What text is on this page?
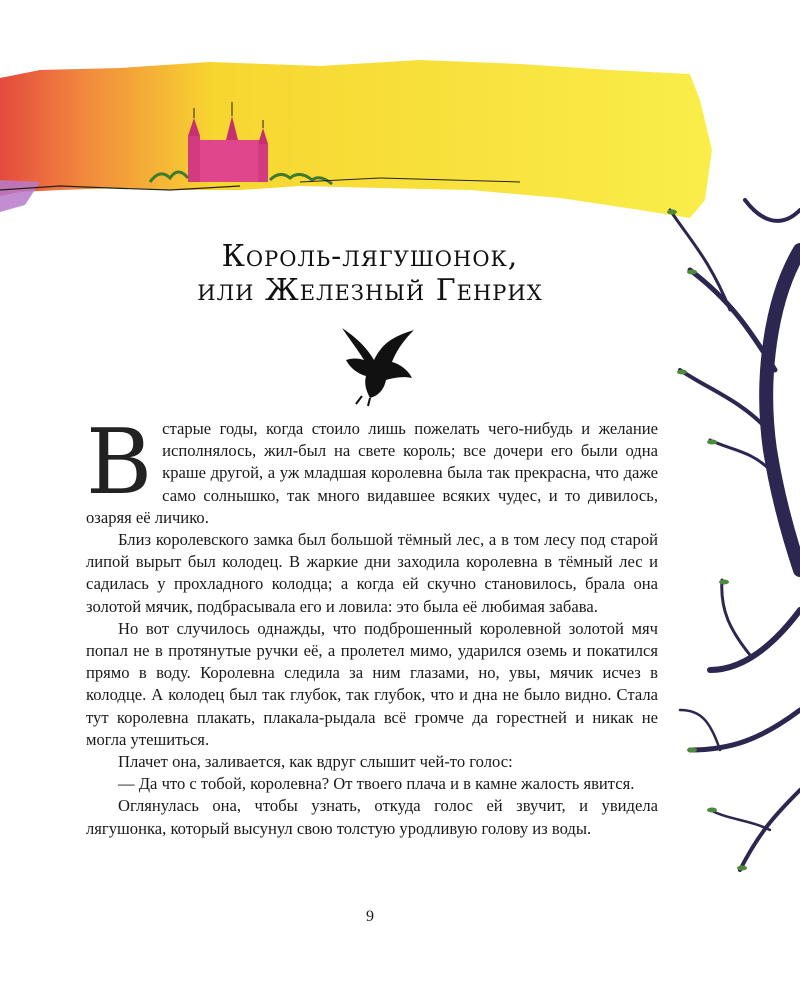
Король-лягушонок,
или Железный Генрих

В старые годы, когда стоило лишь пожелать чего-нибудь и желание исполнялось, жил-был на свете король; все дочери его были одна краше другой, а уж младшая королевна была так прекрасна, что даже само солнышко, так много видавшее всяких чудес, и то дивилось, озаряя её личико.

Близ королевского замка был большой тёмный лес, а в том лесу под старой липой вырыт был колодец. В жаркие дни заходила королевна в тёмный лес и садилась у прохладного колодца; а когда ей скучно становилось, брала она золотой мячик, подбрасывала его и ловила: это была её любимая забава.

Но вот случилось однажды, что подброшенный королевной золотой мяч попал не в протянутые ручки её, а пролетел мимо, ударился оземь и покатился прямо в воду. Королевна следила за ним глазами, но, увы, мячик исчез в колодце. А колодец был так глубок, так глубок, что и дна не было видно. Стала тут королевна плакать, плакала-рыдала всё громче да горестней и никак не могла утешиться.

Плачет она, заливается, как вдруг слышит чей-то голос:

— Да что с тобой, королевна? От твоего плача и в камне жалость явится.

Оглянулась она, чтобы узнать, откуда голос ей звучит, и увидела лягушонка, который высунул свою толстую уродливую голову из воды.

9
